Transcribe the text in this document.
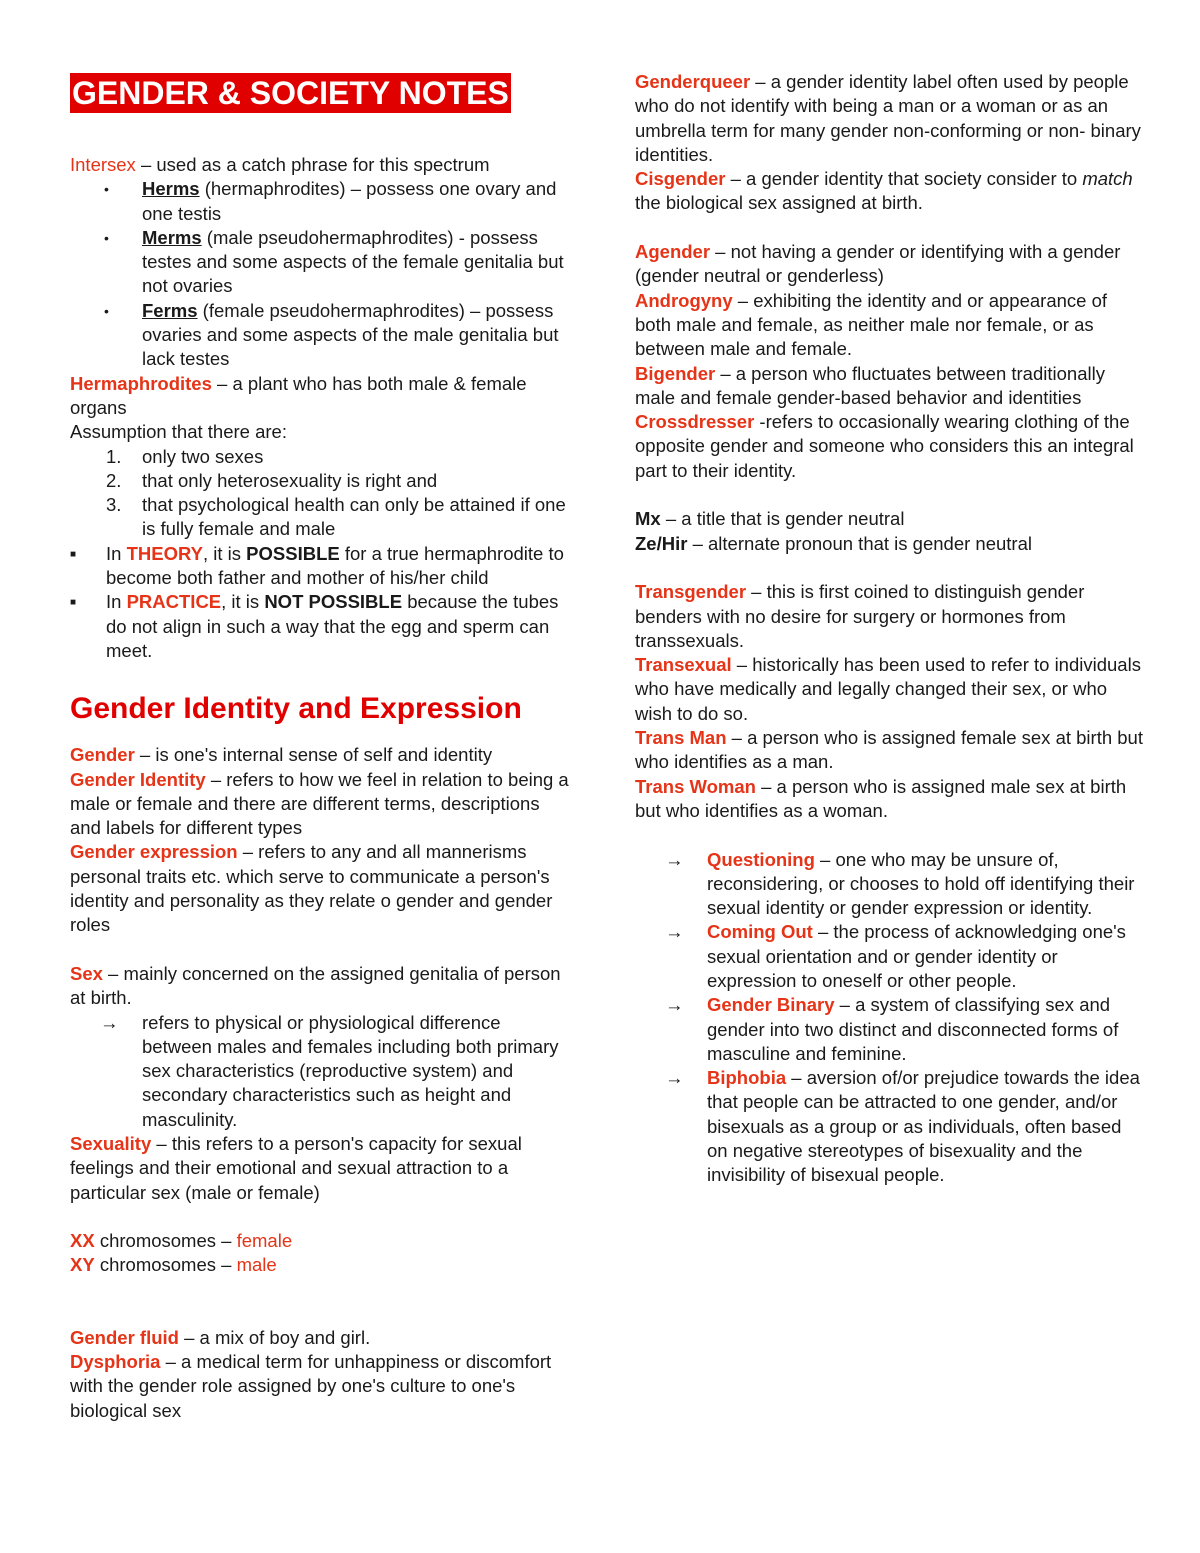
GENDER & SOCIETY NOTES

Intersex – used as a catch phrase for this spectrum

• Herms (hermaphrodites) – possess one ovary and one testis
• Merms (male pseudohermaphrodites) - possess testes and some aspects of the female genitalia but not ovaries
• Ferms (female pseudohermaphrodites) – possess ovaries and some aspects of the male genitalia but lack testes

Hermaphrodites – a plant who has both male & female organs

Assumption that there are:

1. only two sexes
2. that only heterosexuality is right and
3. that psychological health can only be attained if one is fully female and male
■ In THEORY, it is POSSIBLE for a true hermaphrodite to become both father and mother of his/her child
■ In PRACTICE, it is NOT POSSIBLE because the tubes do not align in such a way that the egg and sperm can meet.
Gender Identity and Expression

Gender – is one's internal sense of self and identity

Gender Identity – refers to how we feel in relation to being a male or female and there are different terms, descriptions and labels for different types

Gender expression – refers to any and all mannerisms personal traits etc. which serve to communicate a person's identity and personality as they relate o gender and gender roles

Sex – mainly concerned on the assigned genitalia of person at birth.

→ refers to physical or physiological difference between males and females including both primary sex characteristics (reproductive system) and secondary characteristics such as height and masculinity.

Sexuality – this refers to a person's capacity for sexual feelings and their emotional and sexual attraction to a particular sex (male or female)

XX chromosomes – female

XY chromosomes – male

Gender fluid – a mix of boy and girl.

Dysphoria – a medical term for unhappiness or discomfort with the gender role assigned by one's culture to one's biological sex

Genderqueer – a gender identity label often used by people who do not identify with being a man or a woman or as an umbrella term for many gender non-conforming or non- binary identities.

Cisgender – a gender identity that society consider to match the biological sex assigned at birth.

Agender – not having a gender or identifying with a gender (gender neutral or genderless)

Androgyny – exhibiting the identity and or appearance of both male and female, as neither male nor female, or as between male and female.

Bigender – a person who fluctuates between traditionally male and female gender-based behavior and identities

Crossdresser -refers to occasionally wearing clothing of the opposite gender and someone who considers this an integral part to their identity.

Mx – a title that is gender neutral

Ze/Hir – alternate pronoun that is gender neutral

Transgender – this is first coined to distinguish gender benders with no desire for surgery or hormones from transsexuals.

Transexual – historically has been used to refer to individuals who have medically and legally changed their sex, or who wish to do so.

Trans Man – a person who is assigned female sex at birth but who identifies as a man.

Trans Woman – a person who is assigned male sex at birth but who identifies as a woman.

→ Questioning – one who may be unsure of, reconsidering, or chooses to hold off identifying their sexual identity or gender expression or identity.
→ Coming Out – the process of acknowledging one's sexual orientation and or gender identity or expression to oneself or other people.
→ Gender Binary – a system of classifying sex and gender into two distinct and disconnected forms of masculine and feminine.
→ Biphobia – aversion of/or prejudice towards the idea that people can be attracted to one gender, and/or bisexuals as a group or as individuals, often based on negative stereotypes of bisexuality and the invisibility of bisexual people.
